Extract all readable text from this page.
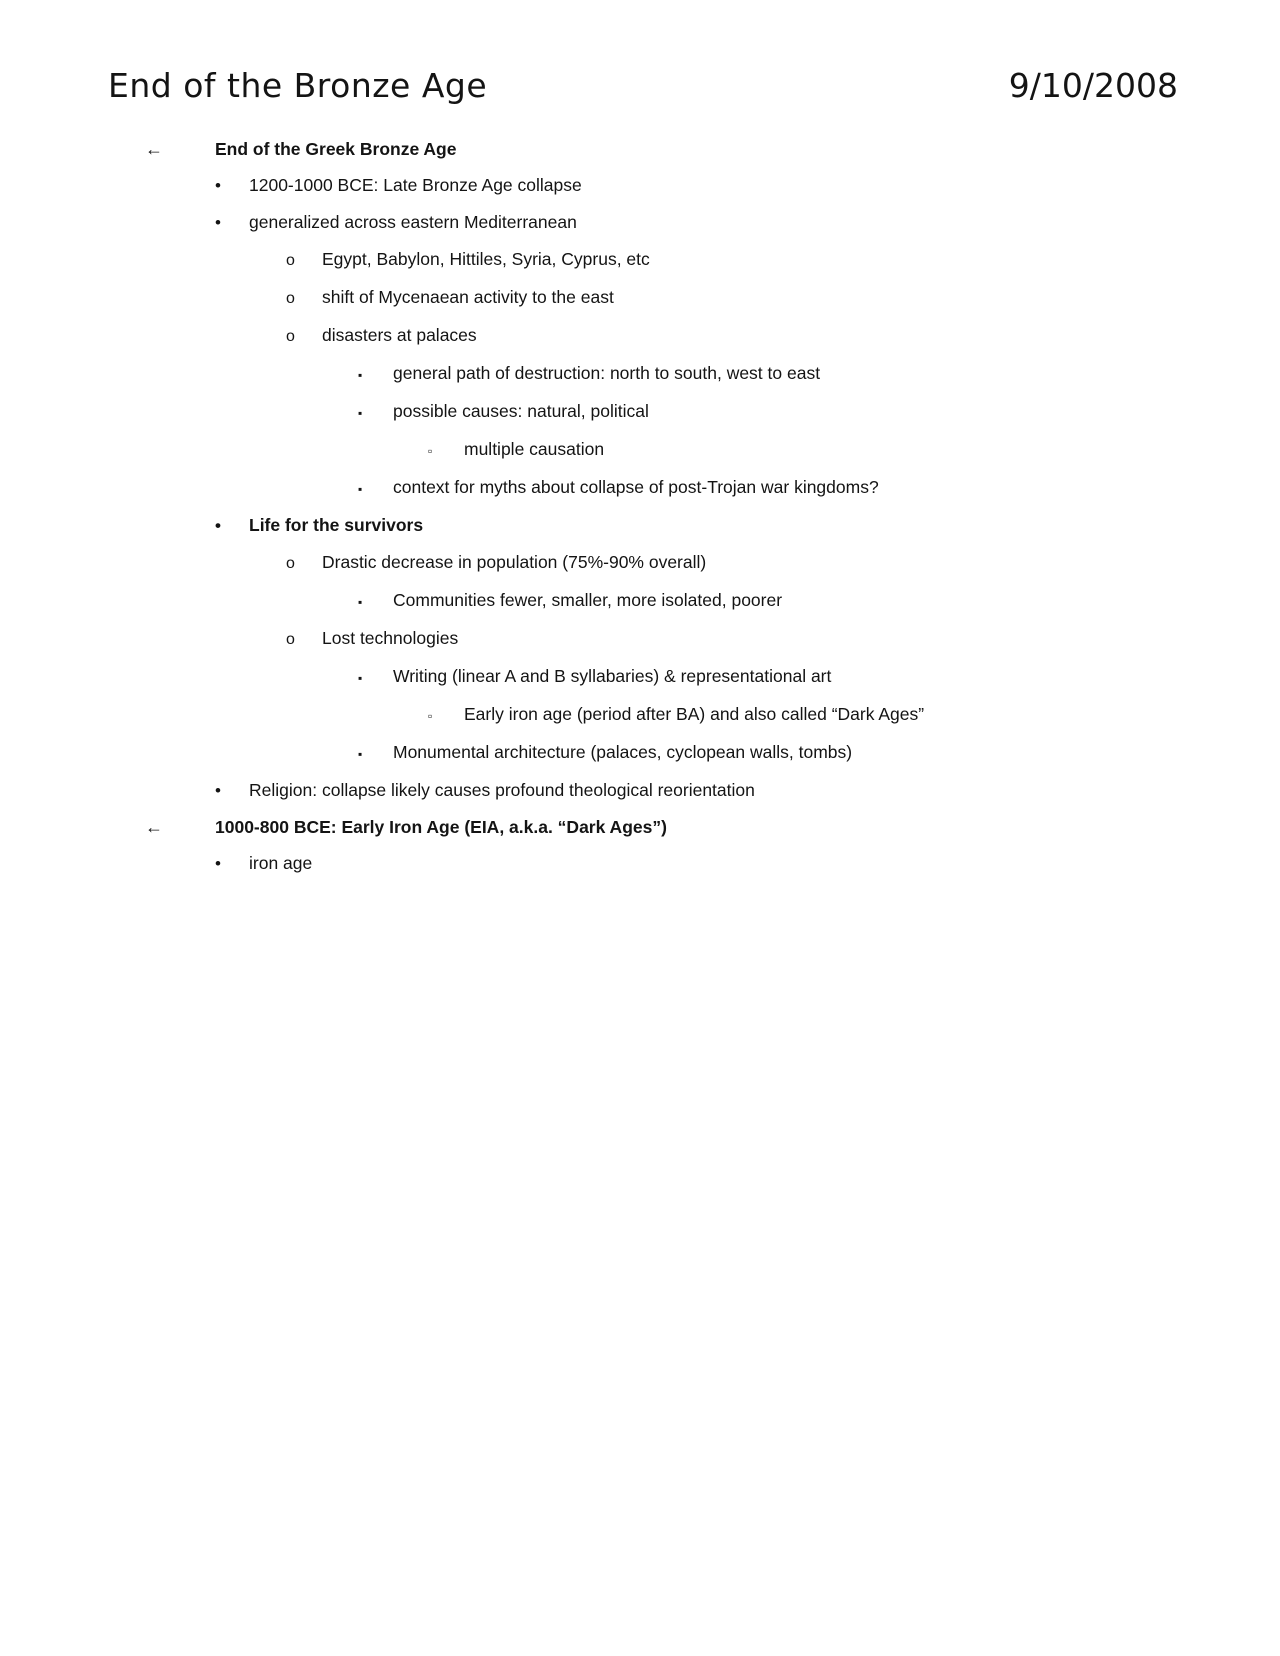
End of the Bronze Age	9/10/2008
←	End of the Greek Bronze Age
•	1200-1000 BCE: Late Bronze Age collapse
•	generalized across eastern Mediterranean
o	Egypt, Babylon, Hittiles, Syria, Cyprus, etc
o	shift of Mycenaean activity to the east
o	disasters at palaces
▪	general path of destruction: north to south, west to east
▪	possible causes: natural, political
▫	multiple causation
▪	context for myths about collapse of post-Trojan war kingdoms?
•	Life for the survivors
o	Drastic decrease in population (75%-90% overall)
▪	Communities fewer, smaller, more isolated, poorer
o	Lost technologies
▪	Writing (linear A and B syllabaries) & representational art
▫	Early iron age (period after BA) and also called “Dark Ages”
▪	Monumental architecture (palaces, cyclopean walls, tombs)
•	Religion: collapse likely causes profound theological reorientation
←	1000-800 BCE: Early Iron Age (EIA, a.k.a. “Dark Ages”)
•	iron age
